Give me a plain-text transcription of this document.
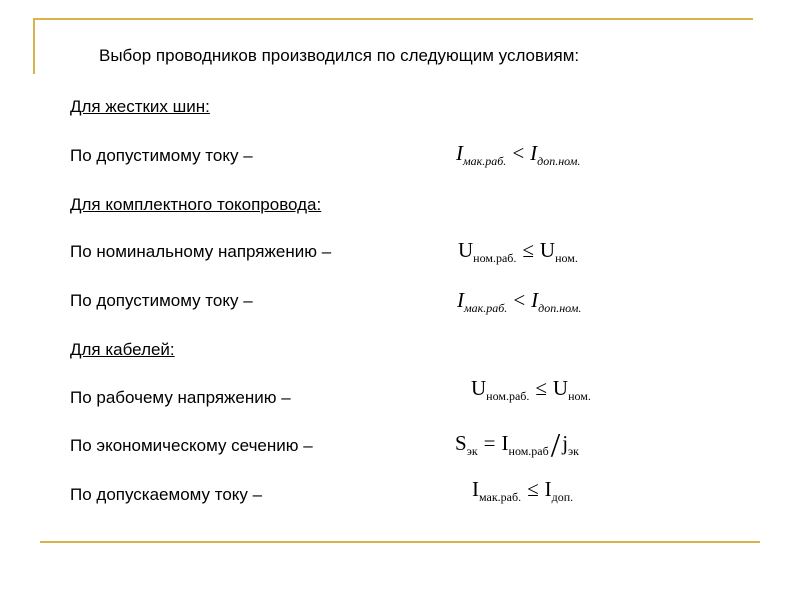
Выбор проводников производился по следующим условиям:
Для жестких шин:
По допустимому току –	$I_{мак.раб.} < I_{доп.ном.}$
Для комплектного токопровода:
По номинальному напряжению –	$U_{ном.раб.} \le U_{ном.}$
По допустимому току –	$I_{мак.раб.} < I_{доп.ном.}$
Для кабелей:
По рабочему напряжению –	$U_{ном.раб.} \le U_{ном.}$
По экономическому сечению –	$S_{эк} = I_{ном.раб}/j_{эк}$
По допускаемому току –	$I_{мак.раб.} \le I_{доп.}$
